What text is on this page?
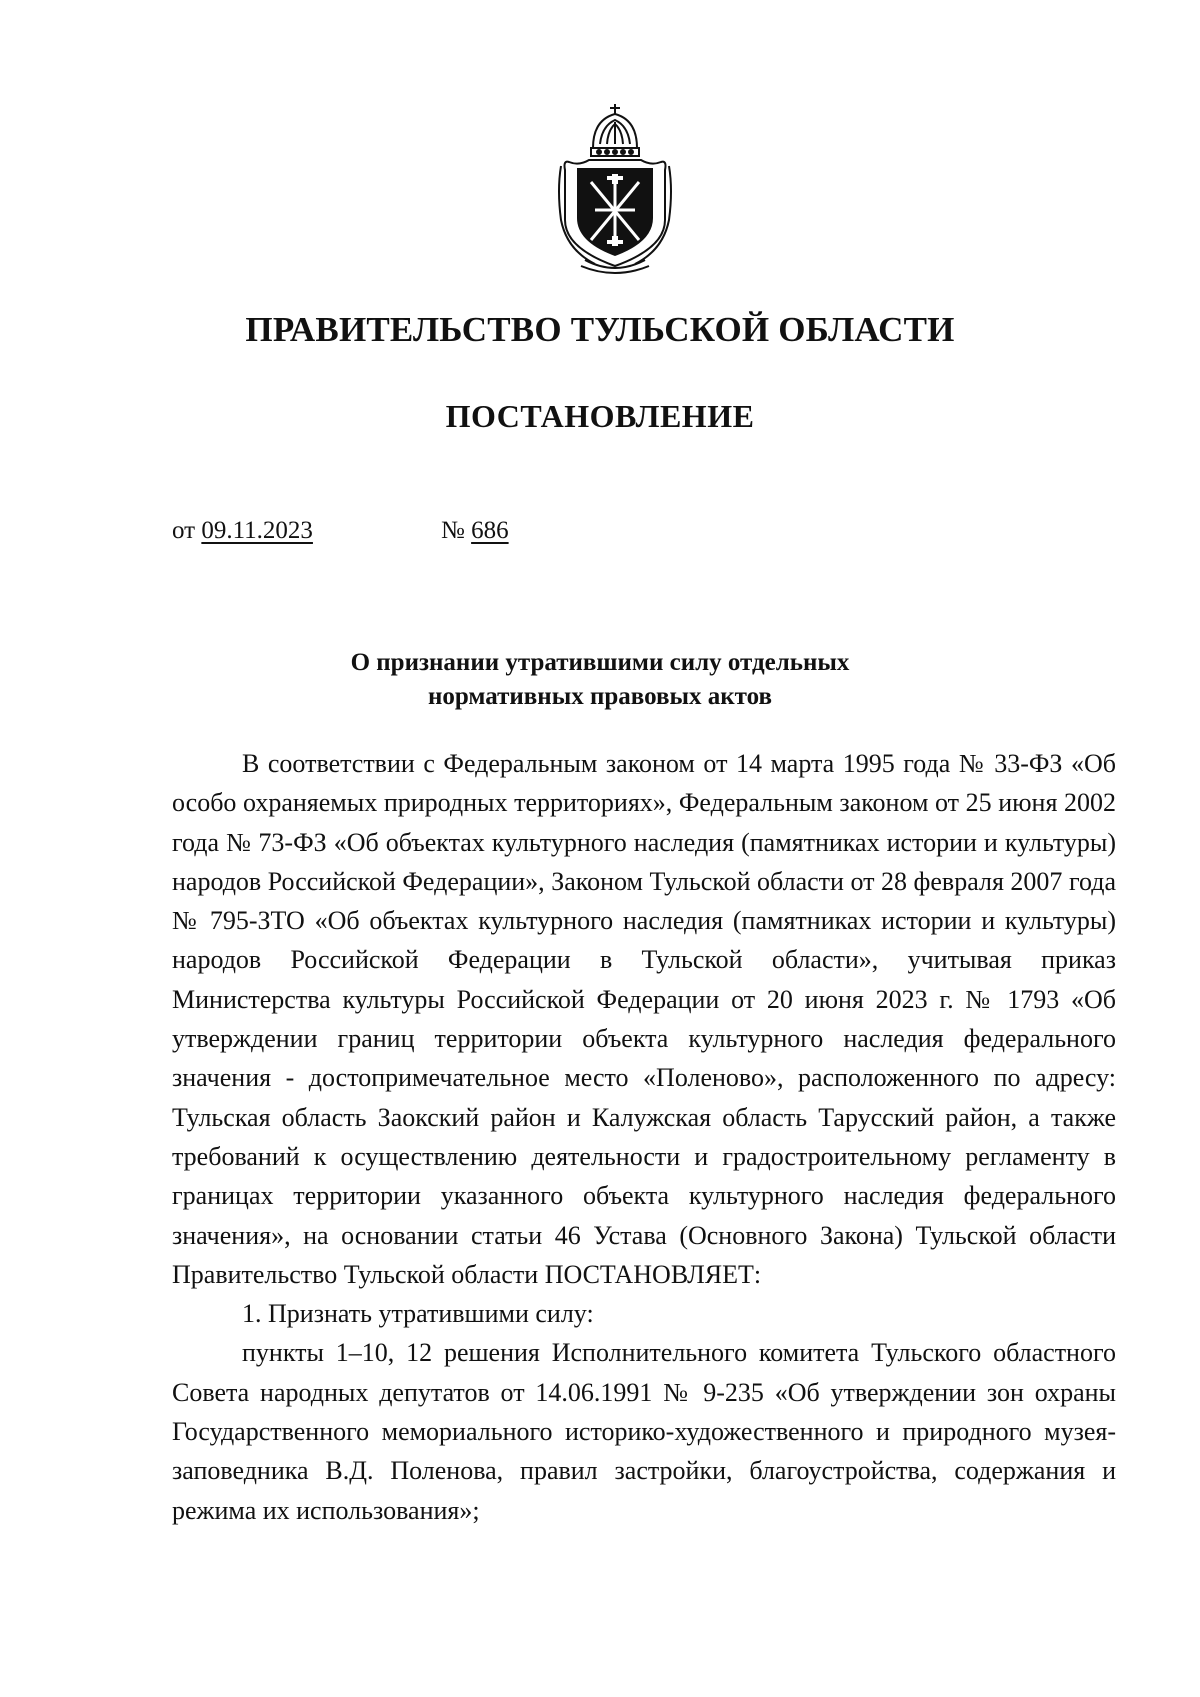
ПРАВИТЕЛЬСТВО ТУЛЬСКОЙ ОБЛАСТИ
ПОСТАНОВЛЕНИЕ
от 09.11.2023	№ 686
О признании утратившими силу отдельных
нормативных правовых актов

В соответствии с Федеральным законом от 14 марта 1995 года № 33-ФЗ «Об особо охраняемых природных территориях», Федеральным законом от 25 июня 2002 года № 73-ФЗ «Об объектах культурного наследия (памятниках истории и культуры) народов Российской Федерации», Законом Тульской области от 28 февраля 2007 года № 795-ЗТО «Об объектах культурного наследия (памятниках истории и культуры) народов Российской Федерации в Тульской области», учитывая приказ Министерства культуры Российской Федерации от 20 июня 2023 г. № 1793 «Об утверждении границ территории объекта культурного наследия федерального значения - достопримечательное место «Поленово», расположенного по адресу: Тульская область Заокский район и Калужская область Тарусский район, а также требований к осуществлению деятельности и градостроительному регламенту в границах территории указанного объекта культурного наследия федерального значения», на основании статьи 46 Устава (Основного Закона) Тульской области Правительство Тульской области ПОСТАНОВЛЯЕТ:

1. Признать утратившими силу:

пункты 1–10, 12 решения Исполнительного комитета Тульского областного Совета народных депутатов от 14.06.1991 № 9-235 «Об утверждении зон охраны Государственного мемориального историко-художественного и природного музея-заповедника В.Д. Поленова, правил застройки, благоустройства, содержания и режима их использования»;
